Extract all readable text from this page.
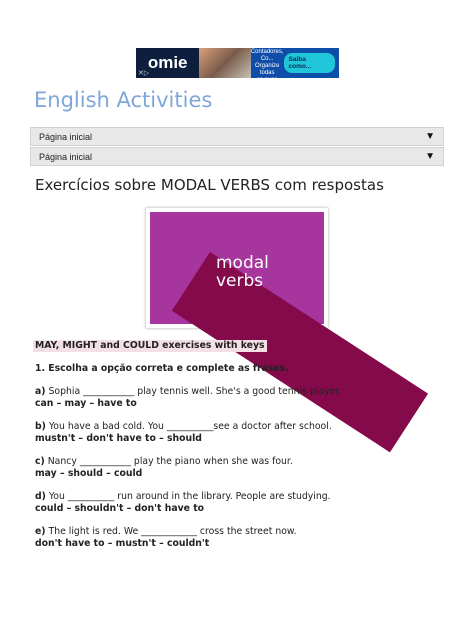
omie
✕▷
Omie para
Contadores, Co...
Organize todas
as suas
Saiba como...
English Activities
Página inicial	▼
Página inicial	▼
Exercícios sobre MODAL VERBS com respostas
modal
verbs

MAY, MIGHT and COULD exercises with keys

1. Escolha a opção correta e complete as frases.

a) Sophia ___________ play tennis well. She's a good tennis player.

can – may – have to

b) You have a bad cold. You __________see a doctor after school.

mustn't – don't have to – should

c) Nancy ___________ play the piano when she was four.

may – should – could

d) You __________ run around in the library. People are studying.

could – shouldn't – don't have to

e) The light is red. We ____________ cross the street now.

don't have to – mustn't – couldn't
